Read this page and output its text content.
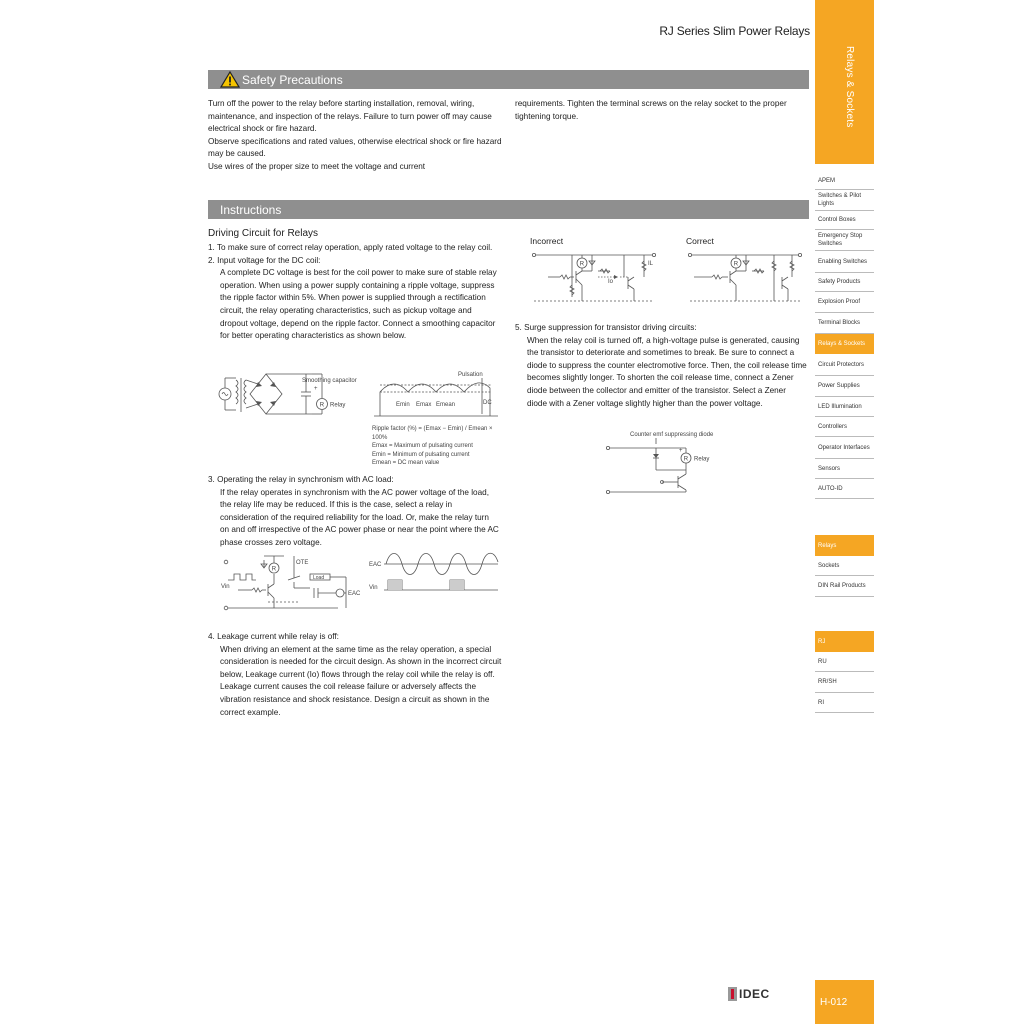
RJ Series Slim Power Relays
Relays & Sockets
APEM
Switches & Pilot Lights
Control Boxes
Emergency Stop Switches
Enabling Switches
Safety Products
Explosion Proof
Terminal Blocks
Relays & Sockets
Circuit Protectors
Power Supplies
LED Illumination
Controllers
Operator Interfaces
Sensors
AUTO-ID
Relays
Sockets
DIN Rail Products
RJ
RU
RR/SH
RI
H-012
Safety Precautions

Turn off the power to the relay before starting installation, removal, wiring, maintenance, and inspection of the relays. Failure to turn power off may cause electrical shock or fire hazard.

Observe specifications and rated values, otherwise electrical shock or fire hazard may be caused.

Use wires of the proper size to meet the voltage and current

requirements. Tighten the terminal screws on the relay socket to the proper tightening torque.

Instructions
Driving Circuit for Relays

1. To make sure of correct relay operation, apply rated voltage to the relay coil.

2. Input voltage for the DC coil:

A complete DC voltage is best for the coil power to make sure of stable relay operation. When using a power supply containing a ripple voltage, suppress the ripple factor within 5%. When power is supplied through a rectification circuit, the relay operating characteristics, such as pickup voltage and dropout voltage, depend on the ripple factor. Connect a smoothing capacitor for better operating characteristics as shown below.

Smoothing capacitor
+
R Relay
Pulsation
Emin Emax Emean	DC
Ripple factor (%) = (Emax − Emin) / Emean × 100%
Emax = Maximum of pulsating current
Emin = Minimum of pulsating current
Emean = DC mean value

3. Operating the relay in synchronism with AC load:

If the relay operates in synchronism with the AC power voltage of the load, the relay life may be reduced. If this is the case, select a relay in consideration of the required reliability for the load. Or, make the relay turn on and off irrespective of the AC power phase or near the point where the AC phase crosses zero voltage.

Vin
R
OTE
Load
EAC
EAC
Vin

4. Leakage current while relay is off:

When driving an element at the same time as the relay operation, a special consideration is needed for the circuit design. As shown in the incorrect circuit below, Leakage current (Io) flows through the relay coil while the relay is off. Leakage current causes the coil release failure or adversely affects the vibration resistance and shock resistance. Design a circuit as shown in the correct example.

Incorrect	Correct
R	IL
Io
R

5. Surge suppression for transistor driving circuits:

When the relay coil is turned off, a high-voltage pulse is generated, causing the transistor to deteriorate and sometimes to break. Be sure to connect a diode to suppress the counter electromotive force. Then, the coil release time becomes slightly longer. To shorten the coil release time, connect a Zener diode between the collector and emitter of the transistor. Select a Zener diode with a Zener voltage slightly higher than the power voltage.

Counter emf suppressing diode
+
R Relay
IDEC
